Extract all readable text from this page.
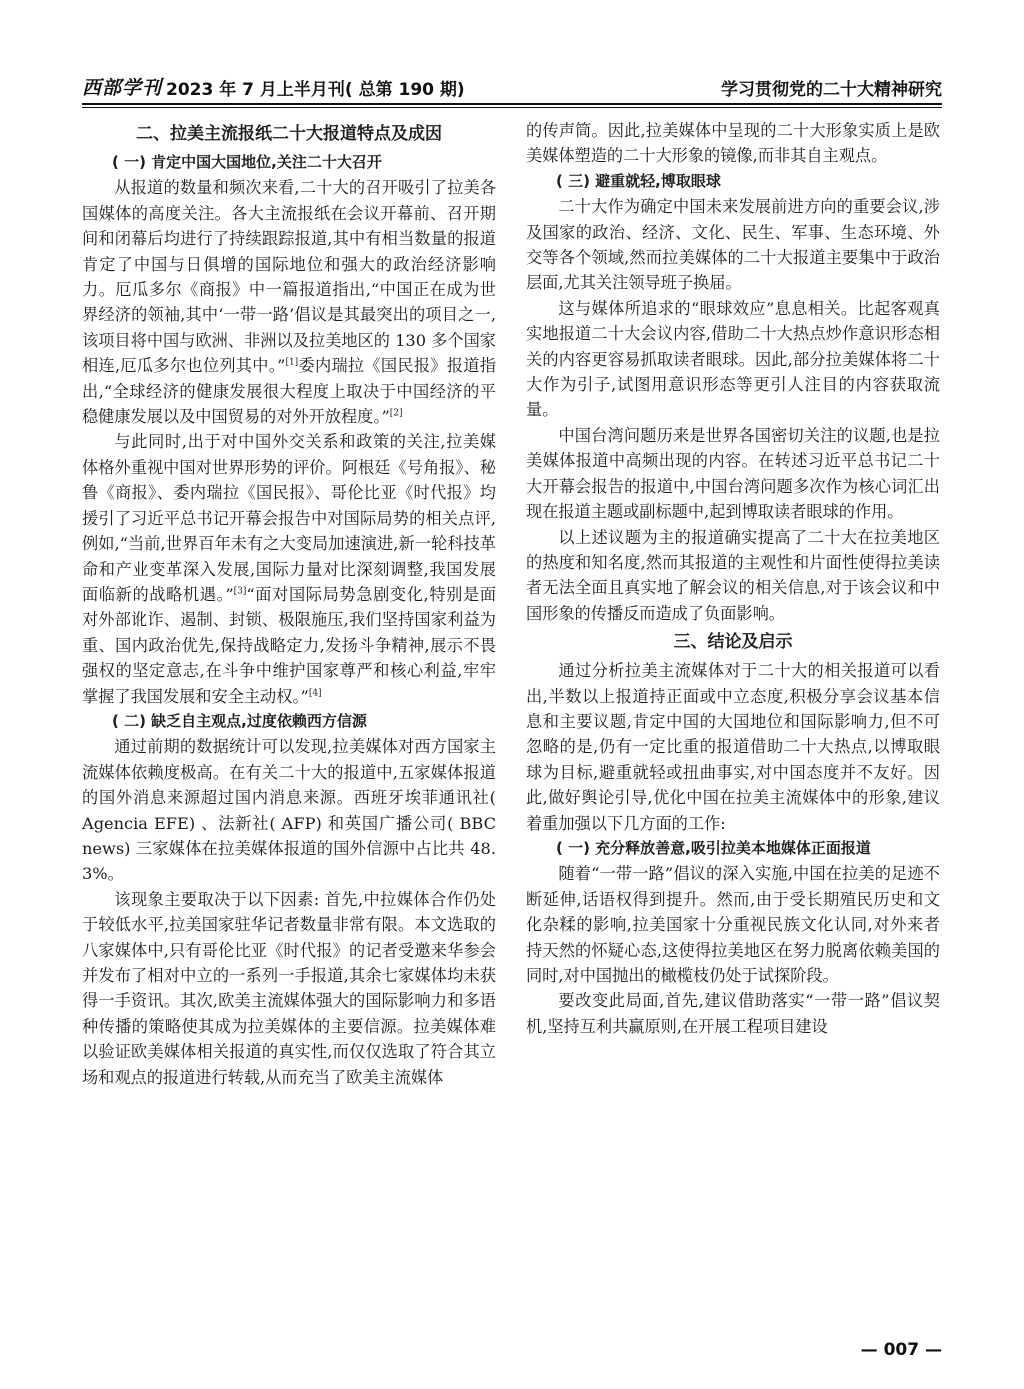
西部学刊 2023 年 7 月上半月刊( 总第 190 期)	学习贯彻党的二十大精神研究
二、拉美主流报纸二十大报道特点及成因
( 一) 肯定中国大国地位,关注二十大召开

从报道的数量和频次来看,二十大的召开吸引了拉美各国媒体的高度关注。各大主流报纸在会议开幕前、召开期间和闭幕后均进行了持续跟踪报道,其中有相当数量的报道肯定了中国与日俱增的国际地位和强大的政治经济影响力。厄瓜多尔《商报》中一篇报道指出,“中国正在成为世界经济的领袖,其中‘一带一路’倡议是其最突出的项目之一,该项目将中国与欧洲、非洲以及拉美地区的 130 多个国家相连,厄瓜多尔也位列其中。”[1]委内瑞拉《国民报》报道指出,“全球经济的健康发展很大程度上取决于中国经济的平稳健康发展以及中国贸易的对外开放程度。”[2]

与此同时,出于对中国外交关系和政策的关注,拉美媒体格外重视中国对世界形势的评价。阿根廷《号角报》、秘鲁《商报》、委内瑞拉《国民报》、哥伦比亚《时代报》均援引了习近平总书记开幕会报告中对国际局势的相关点评,例如,“当前,世界百年未有之大变局加速演进,新一轮科技革命和产业变革深入发展,国际力量对比深刻调整,我国发展面临新的战略机遇。”[3]“面对国际局势急剧变化,特别是面对外部讹诈、遏制、封锁、极限施压,我们坚持国家利益为重、国内政治优先,保持战略定力,发扬斗争精神,展示不畏强权的坚定意志,在斗争中维护国家尊严和核心利益,牢牢掌握了我国发展和安全主动权。”[4]

( 二) 缺乏自主观点,过度依赖西方信源

通过前期的数据统计可以发现,拉美媒体对西方国家主流媒体依赖度极高。在有关二十大的报道中,五家媒体报道的国外消息来源超过国内消息来源。西班牙埃菲通讯社( Agencia EFE) 、法新社( AFP) 和英国广播公司( BBC news) 三家媒体在拉美媒体报道的国外信源中占比共 48. 3%。

该现象主要取决于以下因素: 首先,中拉媒体合作仍处于较低水平,拉美国家驻华记者数量非常有限。本文选取的八家媒体中,只有哥伦比亚《时代报》的记者受邀来华参会并发布了相对中立的一系列一手报道,其余七家媒体均未获得一手资讯。其次,欧美主流媒体强大的国际影响力和多语种传播的策略使其成为拉美媒体的主要信源。拉美媒体难以验证欧美媒体相关报道的真实性,而仅仅选取了符合其立场和观点的报道进行转载,从而充当了欧美主流媒体

的传声筒。因此,拉美媒体中呈现的二十大形象实质上是欧美媒体塑造的二十大形象的镜像,而非其自主观点。

( 三) 避重就轻,博取眼球

二十大作为确定中国未来发展前进方向的重要会议,涉及国家的政治、经济、文化、民生、军事、生态环境、外交等各个领域,然而拉美媒体的二十大报道主要集中于政治层面,尤其关注领导班子换届。

这与媒体所追求的“眼球效应”息息相关。比起客观真实地报道二十大会议内容,借助二十大热点炒作意识形态相关的内容更容易抓取读者眼球。因此,部分拉美媒体将二十大作为引子,试图用意识形态等更引人注目的内容获取流量。

中国台湾问题历来是世界各国密切关注的议题,也是拉美媒体报道中高频出现的内容。在转述习近平总书记二十大开幕会报告的报道中,中国台湾问题多次作为核心词汇出现在报道主题或副标题中,起到博取读者眼球的作用。

以上述议题为主的报道确实提高了二十大在拉美地区的热度和知名度,然而其报道的主观性和片面性使得拉美读者无法全面且真实地了解会议的相关信息,对于该会议和中国形象的传播反而造成了负面影响。

三、结论及启示

通过分析拉美主流媒体对于二十大的相关报道可以看出,半数以上报道持正面或中立态度,积极分享会议基本信息和主要议题,肯定中国的大国地位和国际影响力,但不可忽略的是,仍有一定比重的报道借助二十大热点,以博取眼球为目标,避重就轻或扭曲事实,对中国态度并不友好。因此,做好舆论引导,优化中国在拉美主流媒体中的形象,建议着重加强以下几方面的工作:

( 一) 充分释放善意,吸引拉美本地媒体正面报道

随着“一带一路”倡议的深入实施,中国在拉美的足迹不断延伸,话语权得到提升。然而,由于受长期殖民历史和文化杂糅的影响,拉美国家十分重视民族文化认同,对外来者持天然的怀疑心态,这使得拉美地区在努力脱离依赖美国的同时,对中国抛出的橄榄枝仍处于试探阶段。

要改变此局面,首先,建议借助落实“一带一路”倡议契机,坚持互利共赢原则,在开展工程项目建设

— 007 —
